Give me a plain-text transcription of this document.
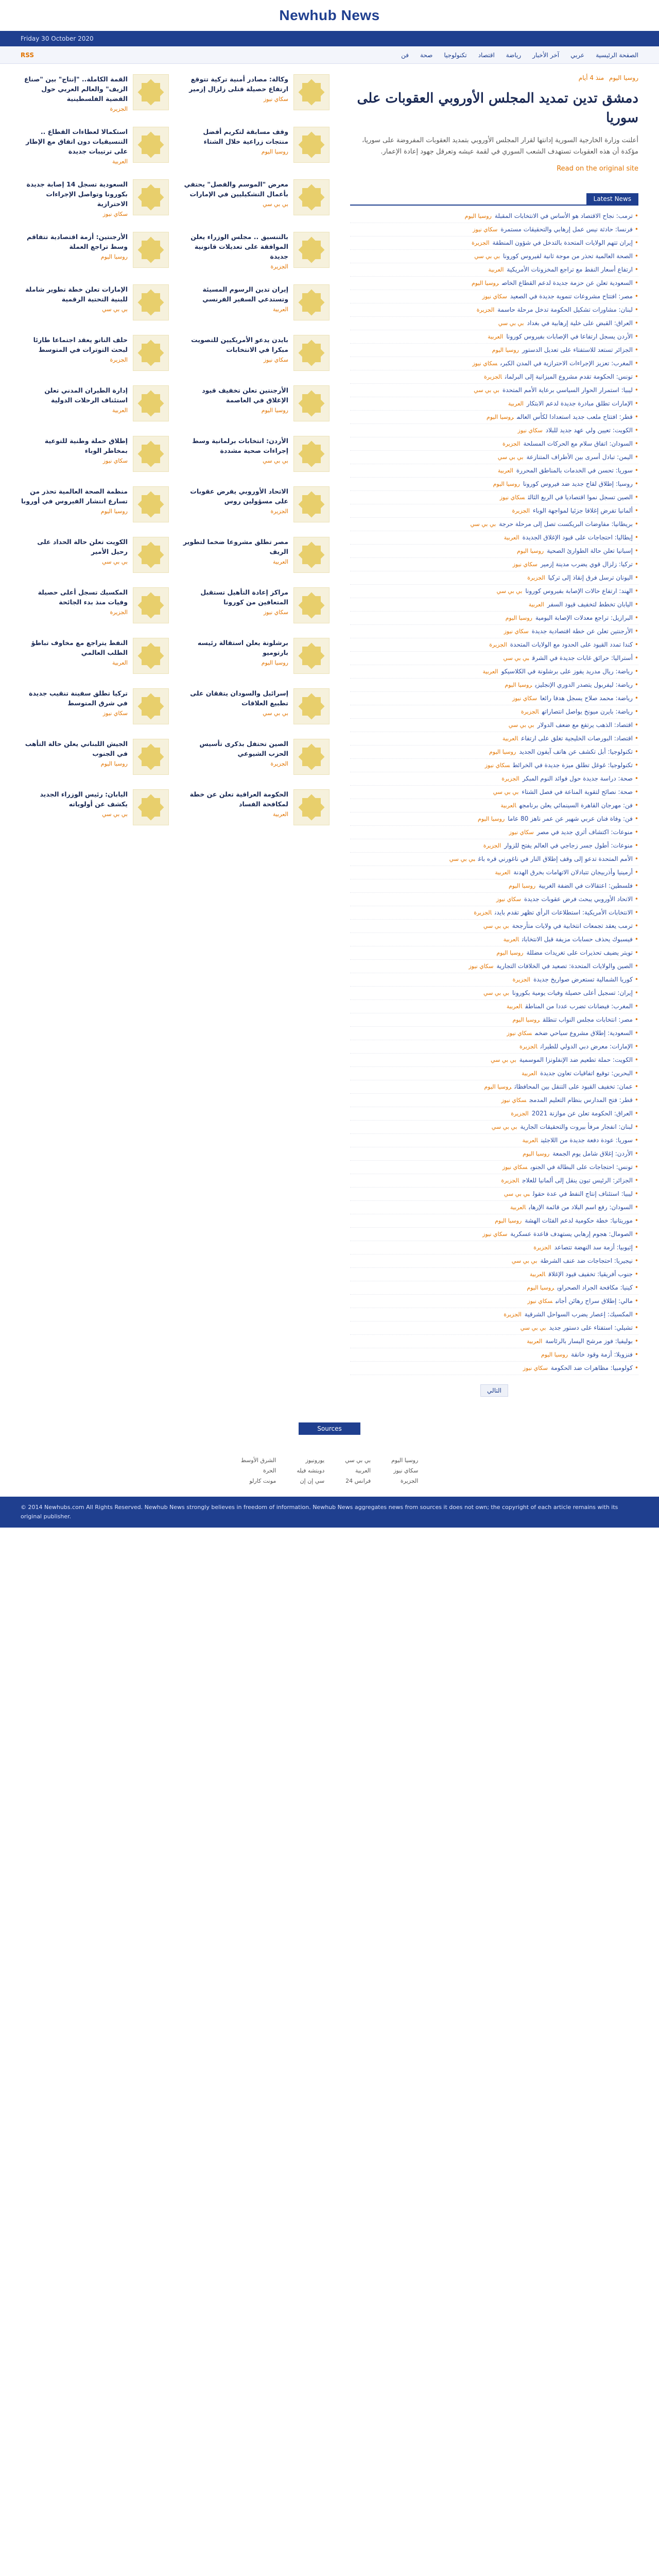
Newhub News
Friday 30 October 2020
الصفحة الرئيسية
عربي
آخر الأخبار
رياضة
اقتصاد
تكنولوجيا
صحة
فن
RSS
روسيا اليوم منذ 4 أيام
دمشق تدين تمديد المجلس الأوروبي العقوبات على سوريا

أعلنت وزارة الخارجية السورية إدانتها لقرار المجلس الأوروبي بتمديد العقوبات المفروضة على سوريا، مؤكدة أن هذه العقوبات تستهدف الشعب السوري في لقمة عيشه وتعرقل جهود إعادة الإعمار.

Read on the original site
Latest News
•ترمب: نجاح الاقتصاد هو الأساس في الانتخابات المقبلةروسيا اليوم
•فرنسا: حادثة نيس عمل إرهابي والتحقيقات مستمرةسكاي نيوز
•إيران تتهم الولايات المتحدة بالتدخل في شؤون المنطقةالجزيرة
•الصحة العالمية تحذر من موجة ثانية لفيروس كورونابي بي سي
•ارتفاع أسعار النفط مع تراجع المخزونات الأمريكيةالعربية
•السعودية تعلن عن حزمة جديدة لدعم القطاع الخاصروسيا اليوم
•مصر: افتتاح مشروعات تنموية جديدة في الصعيدسكاي نيوز
•لبنان: مشاورات تشكيل الحكومة تدخل مرحلة حاسمةالجزيرة
•العراق: القبض على خلية إرهابية في بغدادبي بي سي
•الأردن يسجل ارتفاعا في الإصابات بفيروس كوروناالعربية
•الجزائر تستعد للاستفتاء على تعديل الدستورروسيا اليوم
•المغرب: تعزيز الإجراءات الاحترازية في المدن الكبرىسكاي نيوز
•تونس: الحكومة تقدم مشروع الميزانية إلى البرلمانالجزيرة
•ليبيا: استمرار الحوار السياسي برعاية الأمم المتحدةبي بي سي
•الإمارات تطلق مبادرة جديدة لدعم الابتكارالعربية
•قطر: افتتاح ملعب جديد استعدادا لكأس العالمروسيا اليوم
•الكويت: تعيين ولي عهد جديد للبلادسكاي نيوز
•السودان: اتفاق سلام مع الحركات المسلحةالجزيرة
•اليمن: تبادل أسرى بين الأطراف المتنازعةبي بي سي
•سوريا: تحسن في الخدمات بالمناطق المحررةالعربية
•روسيا: إطلاق لقاح جديد ضد فيروس كوروناروسيا اليوم
•الصين تسجل نموا اقتصاديا في الربع الثالثسكاي نيوز
•ألمانيا تفرض إغلاقا جزئيا لمواجهة الوباءالجزيرة
•بريطانيا: مفاوضات البريكست تصل إلى مرحلة حرجةبي بي سي
•إيطاليا: احتجاجات على قيود الإغلاق الجديدةالعربية
•إسبانيا تعلن حالة الطوارئ الصحيةروسيا اليوم
•تركيا: زلزال قوي يضرب مدينة إزميرسكاي نيوز
•اليونان ترسل فرق إنقاذ إلى تركياالجزيرة
•الهند: ارتفاع حالات الإصابة بفيروس كورونابي بي سي
•اليابان تخطط لتخفيف قيود السفرالعربية
•البرازيل: تراجع معدلات الإصابة اليوميةروسيا اليوم
•الأرجنتين تعلن عن خطة اقتصادية جديدةسكاي نيوز
•كندا تمدد القيود على الحدود مع الولايات المتحدةالجزيرة
•أستراليا: حرائق غابات جديدة في الشرقبي بي سي
•رياضة: ريال مدريد يفوز على برشلونة في الكلاسيكوالعربية
•رياضة: ليفربول يتصدر الدوري الإنجليزيروسيا اليوم
•رياضة: محمد صلاح يسجل هدفا رائعاسكاي نيوز
•رياضة: بايرن ميونخ يواصل انتصاراتهالجزيرة
•اقتصاد: الذهب يرتفع مع ضعف الدولاربي بي سي
•اقتصاد: البورصات الخليجية تغلق على ارتفاعالعربية
•تكنولوجيا: أبل تكشف عن هاتف آيفون الجديدروسيا اليوم
•تكنولوجيا: غوغل تطلق ميزة جديدة في الخرائطسكاي نيوز
•صحة: دراسة جديدة حول فوائد النوم المبكرالجزيرة
•صحة: نصائح لتقوية المناعة في فصل الشتاءبي بي سي
•فن: مهرجان القاهرة السينمائي يعلن برنامجهالعربية
•فن: وفاة فنان عربي شهير عن عمر ناهز 80 عاماروسيا اليوم
•منوعات: اكتشاف أثري جديد في مصرسكاي نيوز
•منوعات: أطول جسر زجاجي في العالم يفتح للزوارالجزيرة
•الأمم المتحدة تدعو إلى وقف إطلاق النار في ناغورني قره باغبي بي سي
•أرمينيا وأذربيجان تتبادلان الاتهامات بخرق الهدنةالعربية
•فلسطين: اعتقالات في الضفة الغربيةروسيا اليوم
•الاتحاد الأوروبي يبحث فرض عقوبات جديدةسكاي نيوز
•الانتخابات الأمريكية: استطلاعات الرأي تظهر تقدم بايدنالجزيرة
•ترمب يعقد تجمعات انتخابية في ولايات متأرجحةبي بي سي
•فيسبوك يحذف حسابات مزيفة قبل الانتخاباتالعربية
•تويتر يضيف تحذيرات على تغريدات مضللةروسيا اليوم
•الصين والولايات المتحدة: تصعيد في الخلافات التجاريةسكاي نيوز
•كوريا الشمالية تستعرض صواريخ جديدةالجزيرة
•إيران: تسجيل أعلى حصيلة وفيات يومية بكورونابي بي سي
•المغرب: فيضانات تضرب عددا من المناطقالعربية
•مصر: انتخابات مجلس النواب تنطلقروسيا اليوم
•السعودية: إطلاق مشروع سياحي ضخمسكاي نيوز
•الإمارات: معرض دبي الدولي للطيرانالجزيرة
•الكويت: حملة تطعيم ضد الإنفلونزا الموسميةبي بي سي
•البحرين: توقيع اتفاقيات تعاون جديدةالعربية
•عمان: تخفيف القيود على التنقل بين المحافظاتروسيا اليوم
•قطر: فتح المدارس بنظام التعليم المدمجسكاي نيوز
•العراق: الحكومة تعلن عن موازنة 2021الجزيرة
•لبنان: انفجار مرفأ بيروت والتحقيقات الجاريةبي بي سي
•سوريا: عودة دفعة جديدة من اللاجئينالعربية
•الأردن: إغلاق شامل يوم الجمعةروسيا اليوم
•تونس: احتجاجات على البطالة في الجنوبسكاي نيوز
•الجزائر: الرئيس تبون ينقل إلى ألمانيا للعلاجالجزيرة
•ليبيا: استئناف إنتاج النفط في عدة حقولبي بي سي
•السودان: رفع اسم البلاد من قائمة الإرهابالعربية
•موريتانيا: خطة حكومية لدعم الفئات الهشةروسيا اليوم
•الصومال: هجوم إرهابي يستهدف قاعدة عسكريةسكاي نيوز
•إثيوبيا: أزمة سد النهضة تتصاعدالجزيرة
•نيجيريا: احتجاجات ضد عنف الشرطةبي بي سي
•جنوب أفريقيا: تخفيف قيود الإغلاقالعربية
•كينيا: مكافحة الجراد الصحراويروسيا اليوم
•مالي: إطلاق سراح رهائن أجانبسكاي نيوز
•المكسيك: إعصار يضرب السواحل الشرقيةالجزيرة
•تشيلي: استفتاء على دستور جديدبي بي سي
•بوليفيا: فوز مرشح اليسار بالرئاسةالعربية
•فنزويلا: أزمة وقود خانقةروسيا اليوم
•كولومبيا: مظاهرات ضد الحكومةسكاي نيوز
التالي
وكالة: مصادر أمنية تركية تتوقع ارتفاع حصيلة قتلى زلزال إزمير
سكاي نيوز
القمة الكاملة.. "إنتاج" بين "صناع الزيف" والعالم العربي حول القضية الفلسطينية
الجزيرة
وقف مسابقة لتكريم أفضل منتجات زراعية خلال الشتاء
روسيا اليوم
استكمالا لعطاءات القطاع .. التنسيقيات دون اتفاق مع الإطار على ترتيبات جديدة
العربية
معرض "الموسم والفصل" يحتفي بأعمال التشكيليين في الإمارات
بي بي سي
السعودية تسجل 14 إصابة جديدة بكورونا وتواصل الإجراءات الاحترازية
سكاي نيوز
بالتنسيق .. مجلس الوزراء يعلن الموافقة على تعديلات قانونية جديدة
الجزيرة
الأرجنتين: أزمة اقتصادية تتفاقم وسط تراجع العملة
روسيا اليوم
إيران تدين الرسوم المسيئة وتستدعي السفير الفرنسي
العربية
الإمارات تعلن خطة تطوير شاملة للبنية التحتية الرقمية
بي بي سي
بايدن يدعو الأمريكيين للتصويت مبكرا في الانتخابات
سكاي نيوز
حلف الناتو يعقد اجتماعا طارئا لبحث التوترات في المتوسط
الجزيرة
الأرجنتين تعلن تخفيف قيود الإغلاق في العاصمة
روسيا اليوم
إدارة الطيران المدني تعلن استئناف الرحلات الدولية
العربية
الأردن: انتخابات برلمانية وسط إجراءات صحية مشددة
بي بي سي
إطلاق حملة وطنية للتوعية بمخاطر الوباء
سكاي نيوز
الاتحاد الأوروبي يفرض عقوبات على مسؤولين روس
الجزيرة
منظمة الصحة العالمية تحذر من تسارع انتشار الفيروس في أوروبا
روسيا اليوم
مصر تطلق مشروعا ضخما لتطوير الريف
العربية
الكويت تعلن حالة الحداد على رحيل الأمير
بي بي سي
مراكز إعادة التأهيل تستقبل المتعافين من كورونا
سكاي نيوز
المكسيك تسجل أعلى حصيلة وفيات منذ بدء الجائحة
الجزيرة
برشلونة يعلن استقالة رئيسه بارتوميو
روسيا اليوم
النفط يتراجع مع مخاوف تباطؤ الطلب العالمي
العربية
إسرائيل والسودان يتفقان على تطبيع العلاقات
بي بي سي
تركيا تطلق سفينة تنقيب جديدة في شرق المتوسط
سكاي نيوز
الصين تحتفل بذكرى تأسيس الحزب الشيوعي
الجزيرة
الجيش اللبناني يعلن حالة التأهب في الجنوب
روسيا اليوم
الحكومة العراقية تعلن عن خطة لمكافحة الفساد
العربية
اليابان: رئيس الوزراء الجديد يكشف عن أولوياته
بي بي سي
Sources
روسيا اليوم
سكاي نيوز
الجزيرة
بي بي سي
العربية
فرانس 24
يورونيوز
دويتشه فيله
سي إن إن
الشرق الأوسط
الحرة
مونت كارلو
© 2014 Newhubs.com All Rights Reserved. Newhub News strongly believes in freedom of information. Newhub News aggregates news from sources it does not own; the copyright of each article remains with its original publisher.
